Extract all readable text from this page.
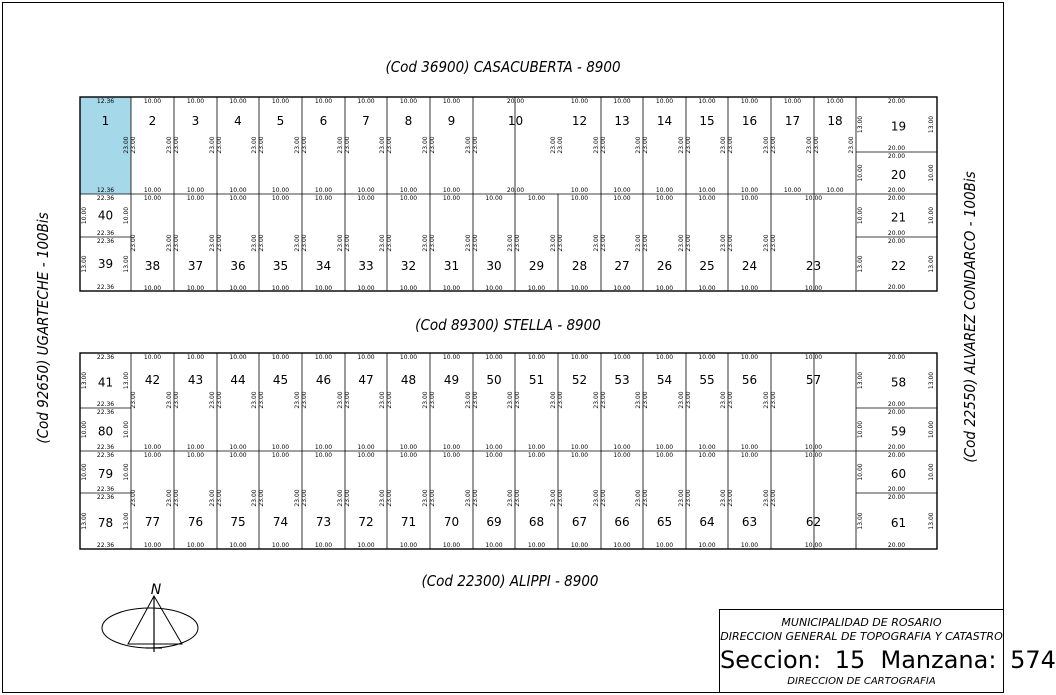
(Cod 36900) CASACUBERTA - 8900
(Cod 89300) STELLA - 8900
(Cod 22300) ALIPPI - 8900
(Cod 92650) UGARTECHE - 100Bis	(Cod 22550) ALVAREZ CONDARCO - 100Bis
1
12.36
12.36
23.00
2
10.00
10.00
23.00
23.00
3
10.00
10.00
23.00
23.00
4
10.00
10.00
23.00
23.00
5
10.00
10.00
23.00
23.00
6
10.00
10.00
23.00
23.00
7
10.00
10.00
23.00
23.00
8
10.00
10.00
23.00
23.00
9
10.00
10.00
23.00
23.00
10
20.00
20.00
23.00
23.00
12
10.00
10.00
23.00
23.00
13
10.00
10.00
23.00
23.00
14
10.00
10.00
23.00
23.00
15
10.00
10.00
23.00
23.00
16
10.00
10.00
23.00
23.00
17
10.00
10.00
23.00
23.00
18
10.00
10.00
23.00
23.00
38
10.00
10.00
23.00	23.00
37
10.00
10.00
23.00	23.00
36
10.00
10.00
23.00	23.00
35
10.00
10.00
23.00	23.00
34
10.00
10.00
23.00	23.00
33
10.00
10.00
23.00	23.00
32
10.00
10.00
23.00	23.00
31
10.00
10.00
23.00	23.00
30
10.00
10.00
23.00	23.00
29
10.00
10.00
23.00	23.00
28
10.00
10.00
23.00	23.00
27
10.00
10.00
23.00	23.00
26
10.00
10.00
23.00	23.00
25
10.00
10.00
23.00	23.00
24
10.00
10.00
23.00	23.00
23
10.00
10.00
23.00
40
22.36
22.36
10.00	10.00
39
22.36
22.36
13.00	13.00
19
20.00
20.00
13.00	13.00
20
20.00
20.00
10.00	10.00
21
20.00
20.00
10.00	10.00
22
20.00
20.00
13.00	13.00
42
10.00
10.00
23.00	23.00
43
10.00
10.00
23.00	23.00
44
10.00
10.00
23.00	23.00
45
10.00
10.00
23.00	23.00
46
10.00
10.00
23.00	23.00
47
10.00
10.00
23.00	23.00
48
10.00
10.00
23.00	23.00
49
10.00
10.00
23.00	23.00
50
10.00
10.00
23.00	23.00
51
10.00
10.00
23.00	23.00
52
10.00
10.00
23.00	23.00
53
10.00
10.00
23.00	23.00
54
10.00
10.00
23.00	23.00
55
10.00
10.00
23.00	23.00
56
10.00
10.00
23.00	23.00
57
10.00
10.00
23.00
77
10.00
10.00
23.00	23.00
76
10.00
10.00
23.00	23.00
75
10.00
10.00
23.00	23.00
74
10.00
10.00
23.00	23.00
73
10.00
10.00
23.00	23.00
72
10.00
10.00
23.00	23.00
71
10.00
10.00
23.00	23.00
70
10.00
10.00
23.00	23.00
69
10.00
10.00
23.00	23.00
68
10.00
10.00
23.00	23.00
67
10.00
10.00
23.00	23.00
66
10.00
10.00
23.00	23.00
65
10.00
10.00
23.00	23.00
64
10.00
10.00
23.00	23.00
63
10.00
10.00
23.00	23.00
62
10.00
10.00
23.00
41
22.36
22.36
13.00	13.00
80
22.36
22.36
10.00	10.00
79
22.36
22.36
10.00	10.00
78
22.36
22.36
13.00	13.00
58
20.00
20.00
13.00	13.00
59
20.00
20.00
10.00	10.00
60
20.00
20.00
10.00	10.00
61
20.00
20.00
13.00	13.00
N
MUNICIPALIDAD DE ROSARIO
DIRECCION GENERAL DE TOPOGRAFIA Y CATASTRO
Seccion: 15 Manzana: 574
DIRECCION DE CARTOGRAFIA
